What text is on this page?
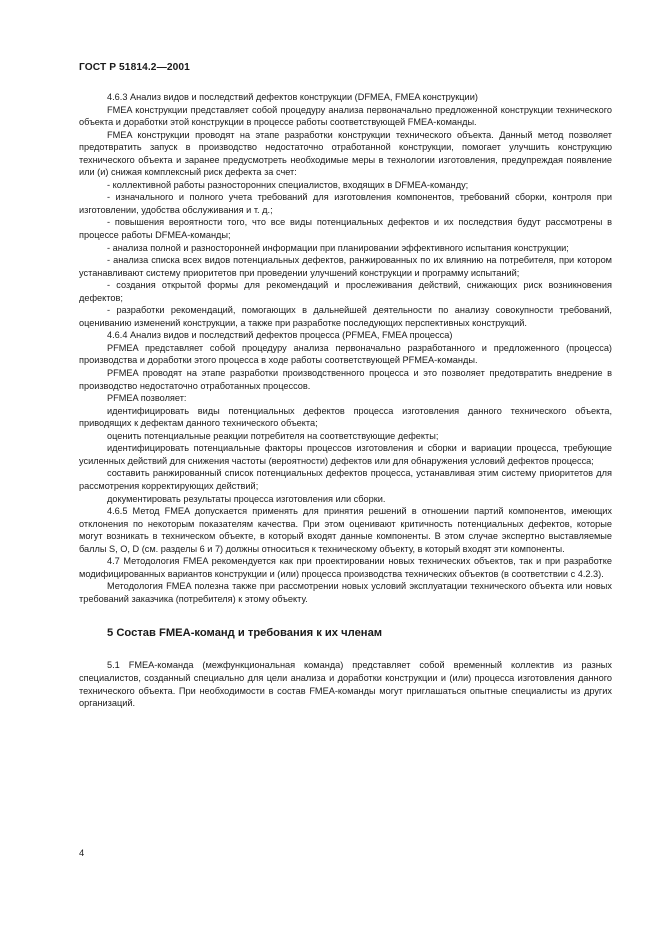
ГОСТ Р 51814.2—2001

4.6.3 Анализ видов и последствий дефектов конструкции (DFMEA, FMEA конструкции)

FMEA конструкции представляет собой процедуру анализа первоначально предложенной конструкции технического объекта и доработки этой конструкции в процессе работы соответствующей FMEA-команды.

FMEA конструкции проводят на этапе разработки конструкции технического объекта. Данный метод позволяет предотвратить запуск в производство недостаточно отработанной конструкции, помогает улучшить конструкцию технического объекта и заранее предусмотреть необходимые меры в технологии изготовления, предупреждая появление или (и) снижая комплексный риск дефекта за счет:

- коллективной работы разносторонних специалистов, входящих в DFMEA-команду;

- изначального и полного учета требований для изготовления компонентов, требований сборки, контроля при изготовлении, удобства обслуживания и т. д.;

- повышения вероятности того, что все виды потенциальных дефектов и их последствия будут рассмотрены в процессе работы DFMEA-команды;

- анализа полной и разносторонней информации при планировании эффективного испытания конструкции;

- анализа списка всех видов потенциальных дефектов, ранжированных по их влиянию на потребителя, при котором устанавливают систему приоритетов при проведении улучшений конструкции и программу испытаний;

- создания открытой формы для рекомендаций и прослеживания действий, снижающих риск возникновения дефектов;

- разработки рекомендаций, помогающих в дальнейшей деятельности по анализу совокупности требований, оцениванию изменений конструкции, а также при разработке последующих перспективных конструкций.

4.6.4 Анализ видов и последствий дефектов процесса (PFMEA, FMEA процесса)

PFMEA представляет собой процедуру анализа первоначально разработанного и предложенного (процесса) производства и доработки этого процесса в ходе работы соответствующей PFMEA-команды.

PFMEA проводят на этапе разработки производственного процесса и это позволяет предотвратить внедрение в производство недостаточно отработанных процессов.

PFMEA позволяет:

идентифицировать виды потенциальных дефектов процесса изготовления данного технического объекта, приводящих к дефектам данного технического объекта;

оценить потенциальные реакции потребителя на соответствующие дефекты;

идентифицировать потенциальные факторы процессов изготовления и сборки и вариации процесса, требующие усиленных действий для снижения частоты (вероятности) дефектов или для обнаружения условий дефектов процесса;

составить ранжированный список потенциальных дефектов процесса, устанавливая этим систему приоритетов для рассмотрения корректирующих действий;

документировать результаты процесса изготовления или сборки.

4.6.5 Метод FMEA допускается применять для принятия решений в отношении партий компонентов, имеющих отклонения по некоторым показателям качества. При этом оценивают критичность потенциальных дефектов, которые могут возникать в техническом объекте, в который входят данные компоненты. В этом случае экспертно выставляемые баллы S, O, D (см. разделы 6 и 7) должны относиться к техническому объекту, в который входят эти компоненты.

4.7 Методология FMEA рекомендуется как при проектировании новых технических объектов, так и при разработке модифицированных вариантов конструкции и (или) процесса производства технических объектов (в соответствии с 4.2.3).

Методология FMEA полезна также при рассмотрении новых условий эксплуатации технического объекта или новых требований заказчика (потребителя) к этому объекту.

5 Состав FMEA-команд и требования к их членам

5.1 FMEA-команда (межфункциональная команда) представляет собой временный коллектив из разных специалистов, созданный специально для цели анализа и доработки конструкции и (или) процесса изготовления данного технического объекта. При необходимости в состав FMEA-команды могут приглашаться опытные специалисты из других организаций.

4
